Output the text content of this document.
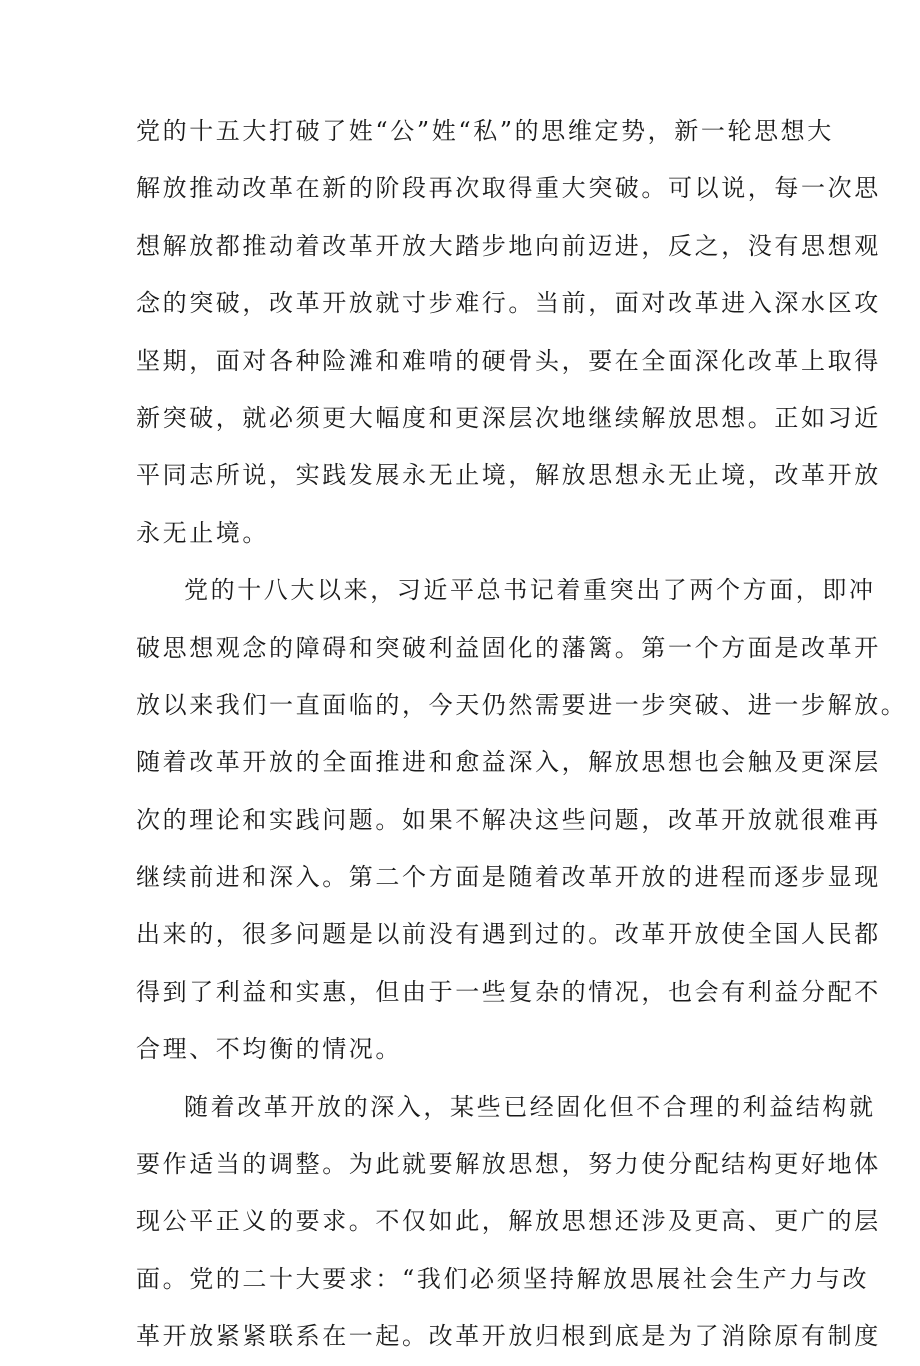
党的十五大打破了姓“公”姓“私”的思维定势，新一轮思想大
解放推动改革在新的阶段再次取得重大突破。可以说，每一次思
想解放都推动着改革开放大踏步地向前迈进，反之，没有思想观
念的突破，改革开放就寸步难行。当前，面对改革进入深水区攻
坚期，面对各种险滩和难啃的硬骨头，要在全面深化改革上取得
新突破，就必须更大幅度和更深层次地继续解放思想。正如习近
平同志所说，实践发展永无止境，解放思想永无止境，改革开放
永无止境。
党的十八大以来，习近平总书记着重突出了两个方面，即冲
破思想观念的障碍和突破利益固化的藩篱。第一个方面是改革开
放以来我们一直面临的，今天仍然需要进一步突破、进一步解放。
随着改革开放的全面推进和愈益深入，解放思想也会触及更深层
次的理论和实践问题。如果不解决这些问题，改革开放就很难再
继续前进和深入。第二个方面是随着改革开放的进程而逐步显现
出来的，很多问题是以前没有遇到过的。改革开放使全国人民都
得到了利益和实惠，但由于一些复杂的情况，也会有利益分配不
合理、不均衡的情况。
随着改革开放的深入，某些已经固化但不合理的利益结构就
要作适当的调整。为此就要解放思想，努力使分配结构更好地体
现公平正义的要求。不仅如此，解放思想还涉及更高、更广的层
面。党的二十大要求：“我们必须坚持解放思展社会生产力与改
革开放紧紧联系在一起。改革开放归根到底是为了消除原有制度
